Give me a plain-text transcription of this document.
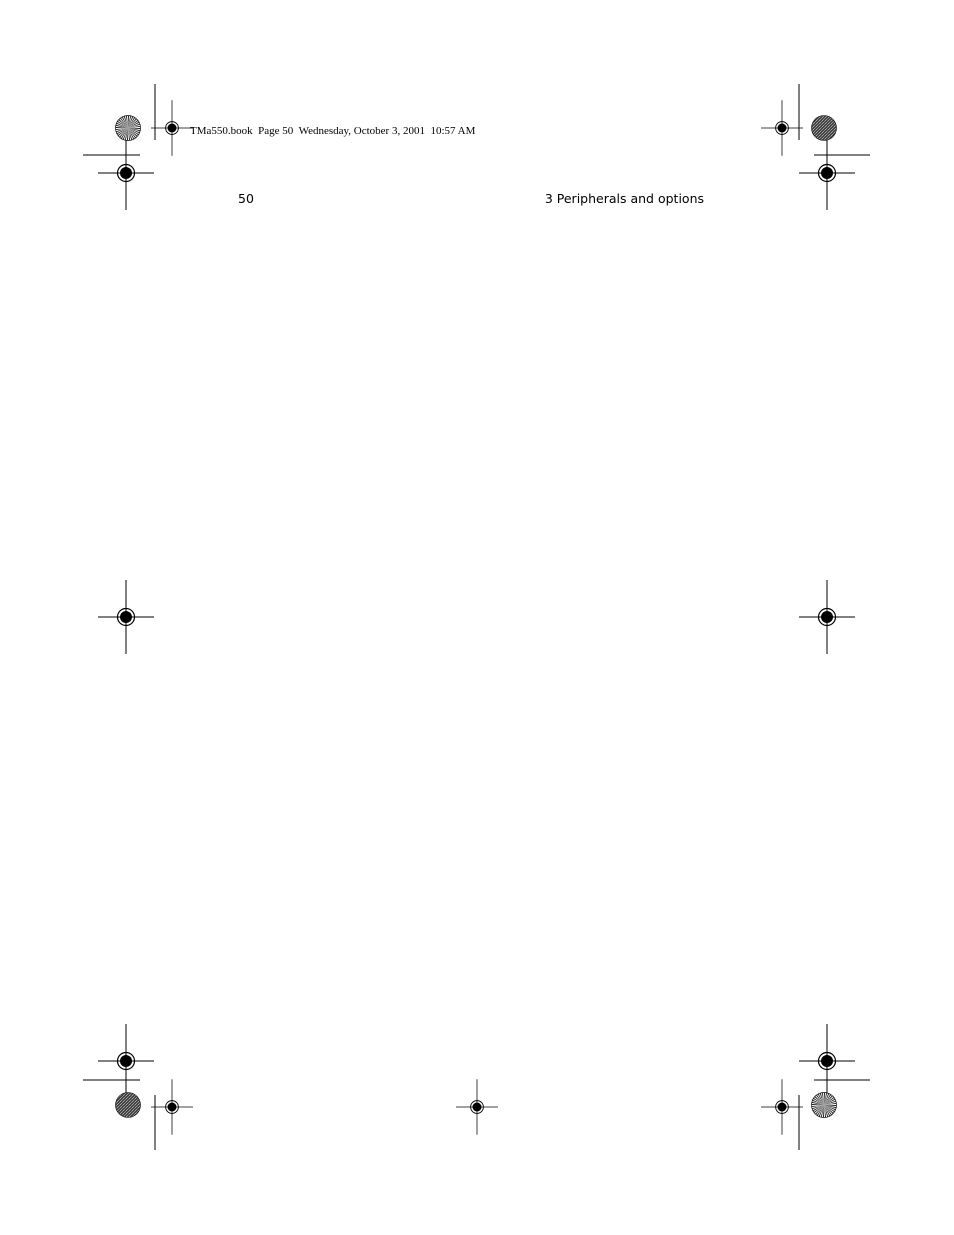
TMa550.book  Page 50  Wednesday, October 3, 2001  10:57 AM
50	3 Peripherals and options
